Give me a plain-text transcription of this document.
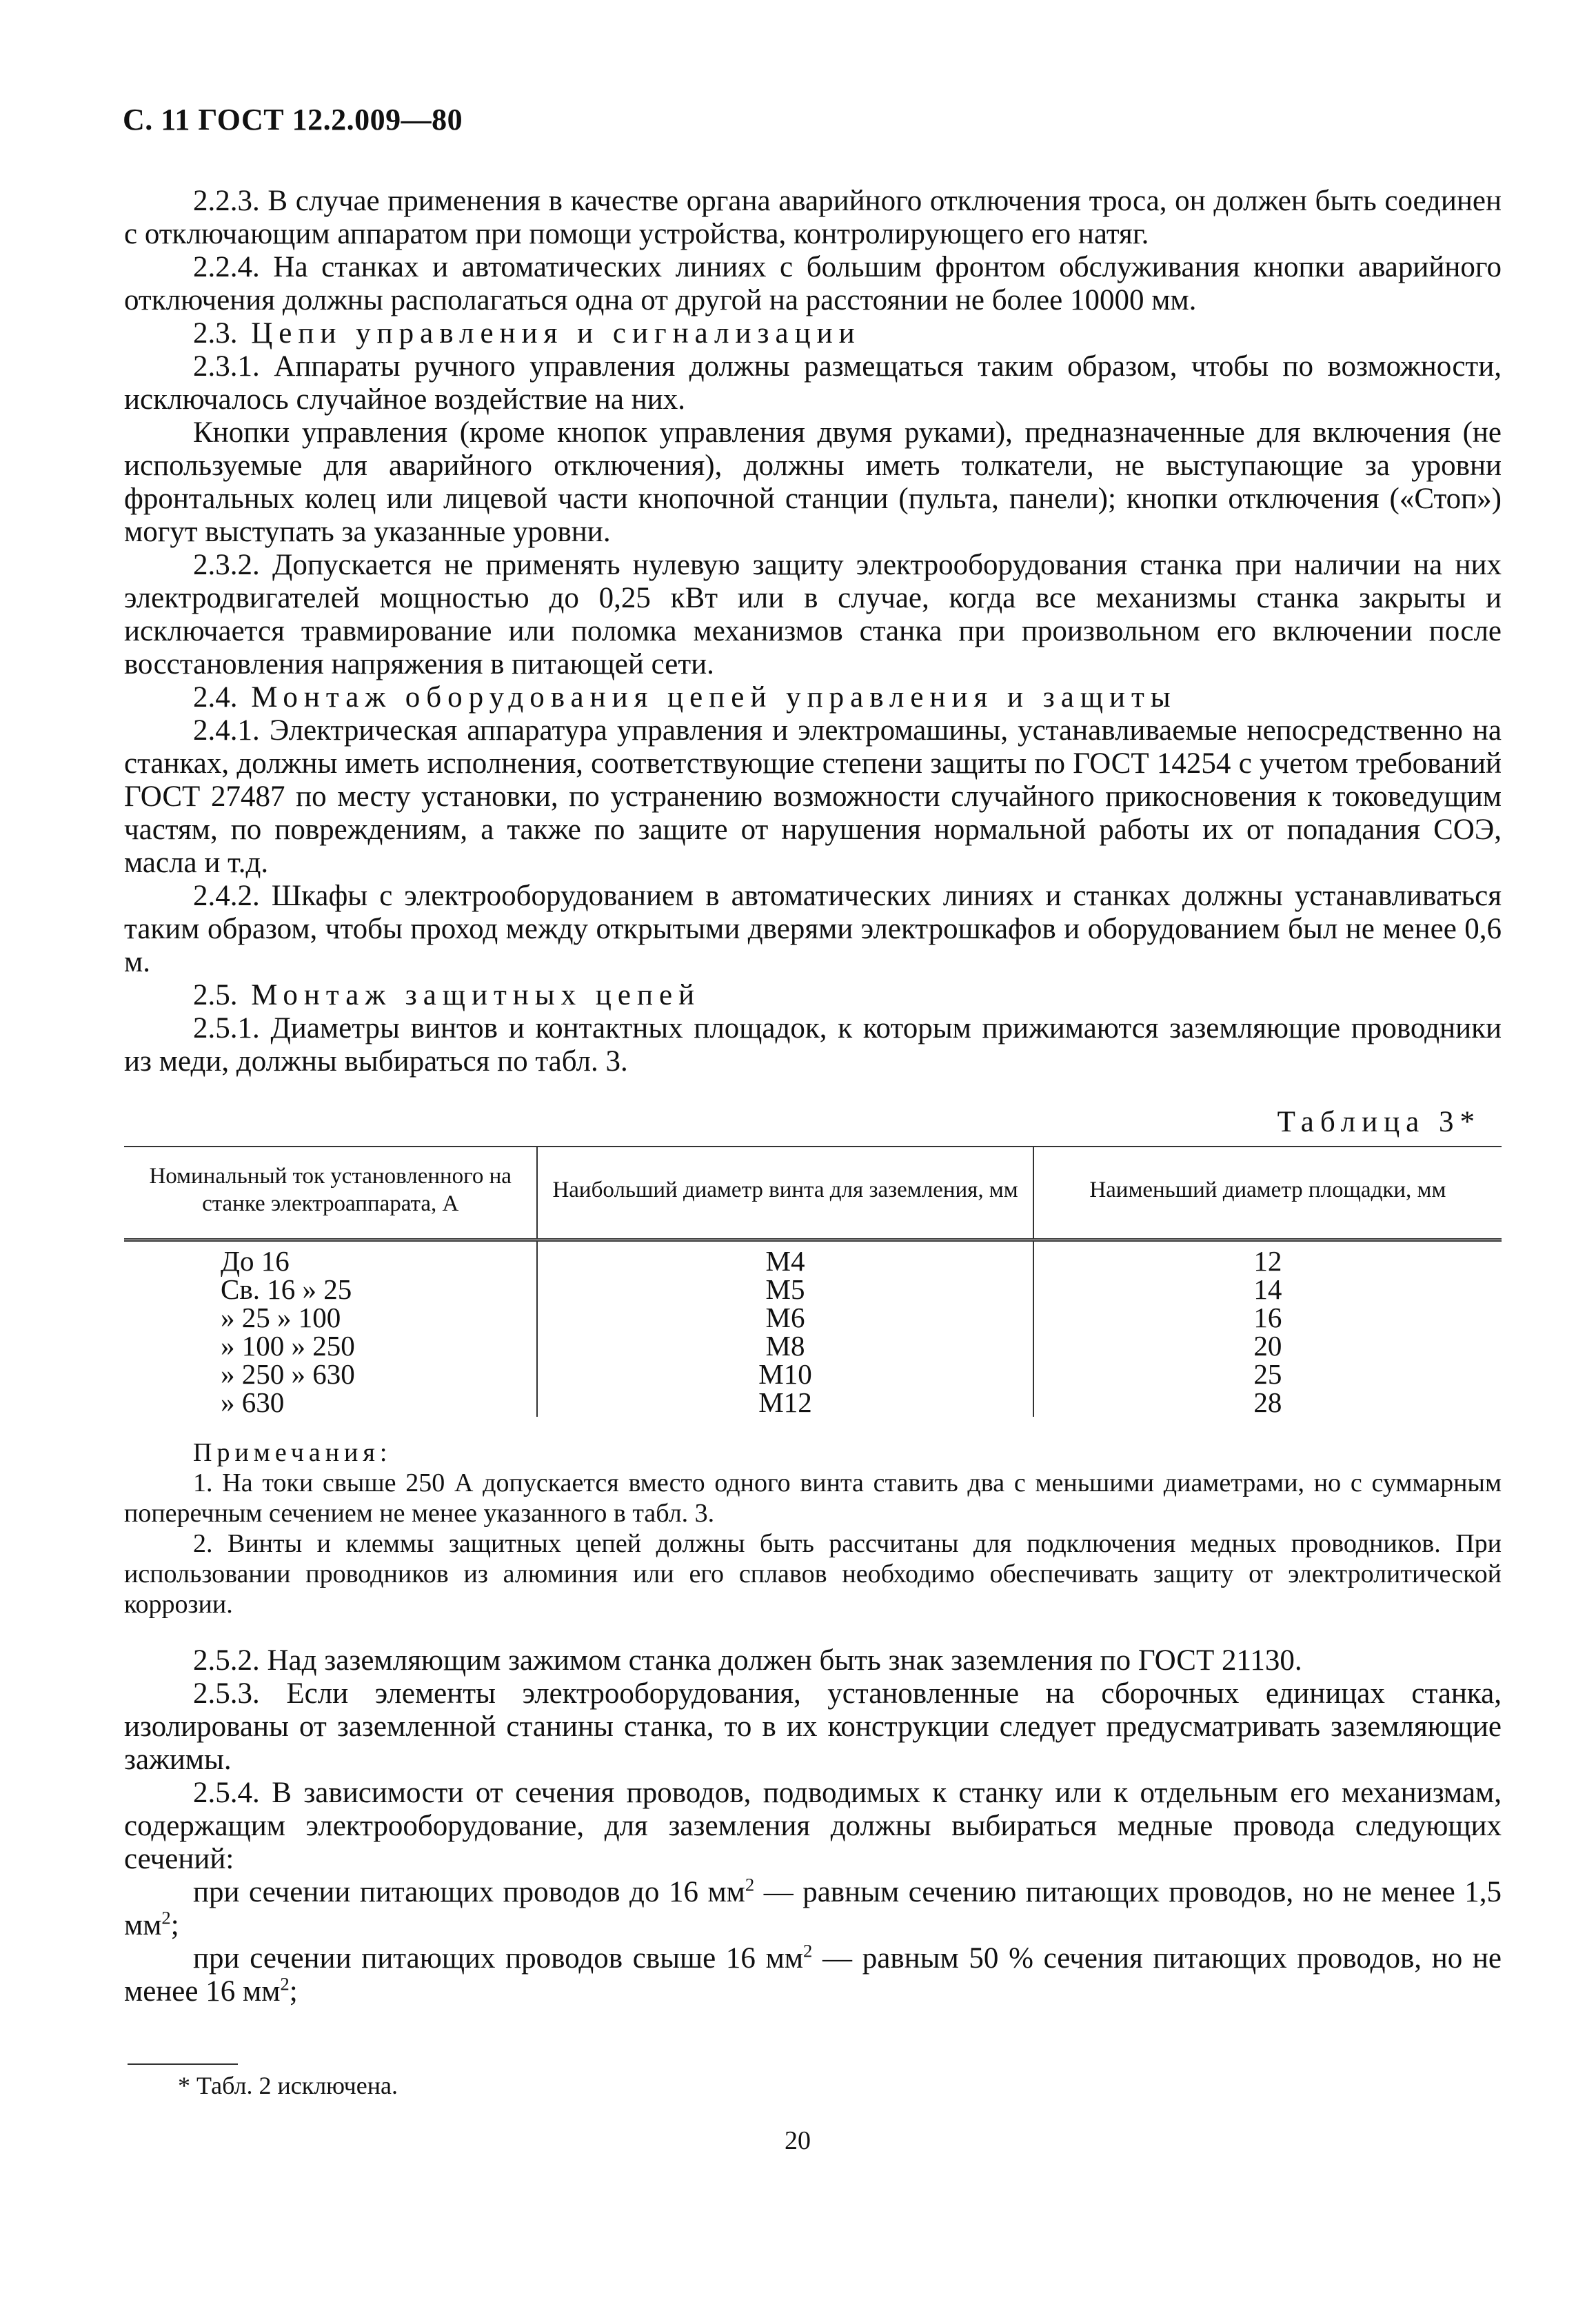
С. 11 ГОСТ 12.2.009—80

2.2.3. В случае применения в качестве органа аварийного отключения троса, он должен быть соединен с отключающим аппаратом при помощи устройства, контролирующего его натяг.

2.2.4. На станках и автоматических линиях с большим фронтом обслуживания кнопки аварийного отключения должны располагаться одна от другой на расстоянии не более 10000 мм.

2.3. Цепи управления и сигнализации

2.3.1. Аппараты ручного управления должны размещаться таким образом, чтобы по возможности, исключалось случайное воздействие на них.

Кнопки управления (кроме кнопок управления двумя руками), предназначенные для включения (не используемые для аварийного отключения), должны иметь толкатели, не выступающие за уровни фронтальных колец или лицевой части кнопочной станции (пульта, панели); кнопки отключения («Стоп») могут выступать за указанные уровни.

2.3.2. Допускается не применять нулевую защиту электрооборудования станка при наличии на них электродвигателей мощностью до 0,25 кВт или в случае, когда все механизмы станка закрыты и исключается травмирование или поломка механизмов станка при произвольном его включении после восстановления напряжения в питающей сети.

2.4. Монтаж оборудования цепей управления и защиты

2.4.1. Электрическая аппаратура управления и электромашины, устанавливаемые непосредственно на станках, должны иметь исполнения, соответствующие степени защиты по ГОСТ 14254 с учетом требований ГОСТ 27487 по месту установки, по устранению возможности случайного прикосновения к токоведущим частям, по повреждениям, а также по защите от нарушения нормальной работы их от попадания СОЭ, масла и т.д.

2.4.2. Шкафы с электрооборудованием в автоматических линиях и станках должны устанавливаться таким образом, чтобы проход между открытыми дверями электрошкафов и оборудованием был не менее 0,6 м.

2.5. Монтаж защитных цепей

2.5.1. Диаметры винтов и контактных площадок, к которым прижимаются заземляющие проводники из меди, должны выбираться по табл. 3.

Таблица 3*
Номинальный ток установленного на станке электроаппарата, А	Наибольший диаметр винта для заземления, мм	Наименьший диаметр площадки, мм
До 16	М4	12
Св. 16 » 25	М5	14
» 25 » 100	М6	16
» 100 » 250	М8	20
» 250 » 630	М10	25
» 630	М12	28

Примечания:

1. На токи свыше 250 А допускается вместо одного винта ставить два с меньшими диаметрами, но с суммарным поперечным сечением не менее указанного в табл. 3.

2. Винты и клеммы защитных цепей должны быть рассчитаны для подключения медных проводников. При использовании проводников из алюминия или его сплавов необходимо обеспечивать защиту от электролитической коррозии.

2.5.2. Над заземляющим зажимом станка должен быть знак заземления по ГОСТ 21130.

2.5.3. Если элементы электрооборудования, установленные на сборочных единицах станка, изолированы от заземленной станины станка, то в их конструкции следует предусматривать заземляющие зажимы.

2.5.4. В зависимости от сечения проводов, подводимых к станку или к отдельным его механизмам, содержащим электрооборудование, для заземления должны выбираться медные провода следующих сечений:

при сечении питающих проводов до 16 $мм^2$ — равным сечению питающих проводов, но не менее 1,5 $мм^2$;

при сечении питающих проводов свыше 16 $мм^2$ — равным 50 % сечения питающих проводов, но не менее 16 $мм^2$;

* Табл. 2 исключена.
20
